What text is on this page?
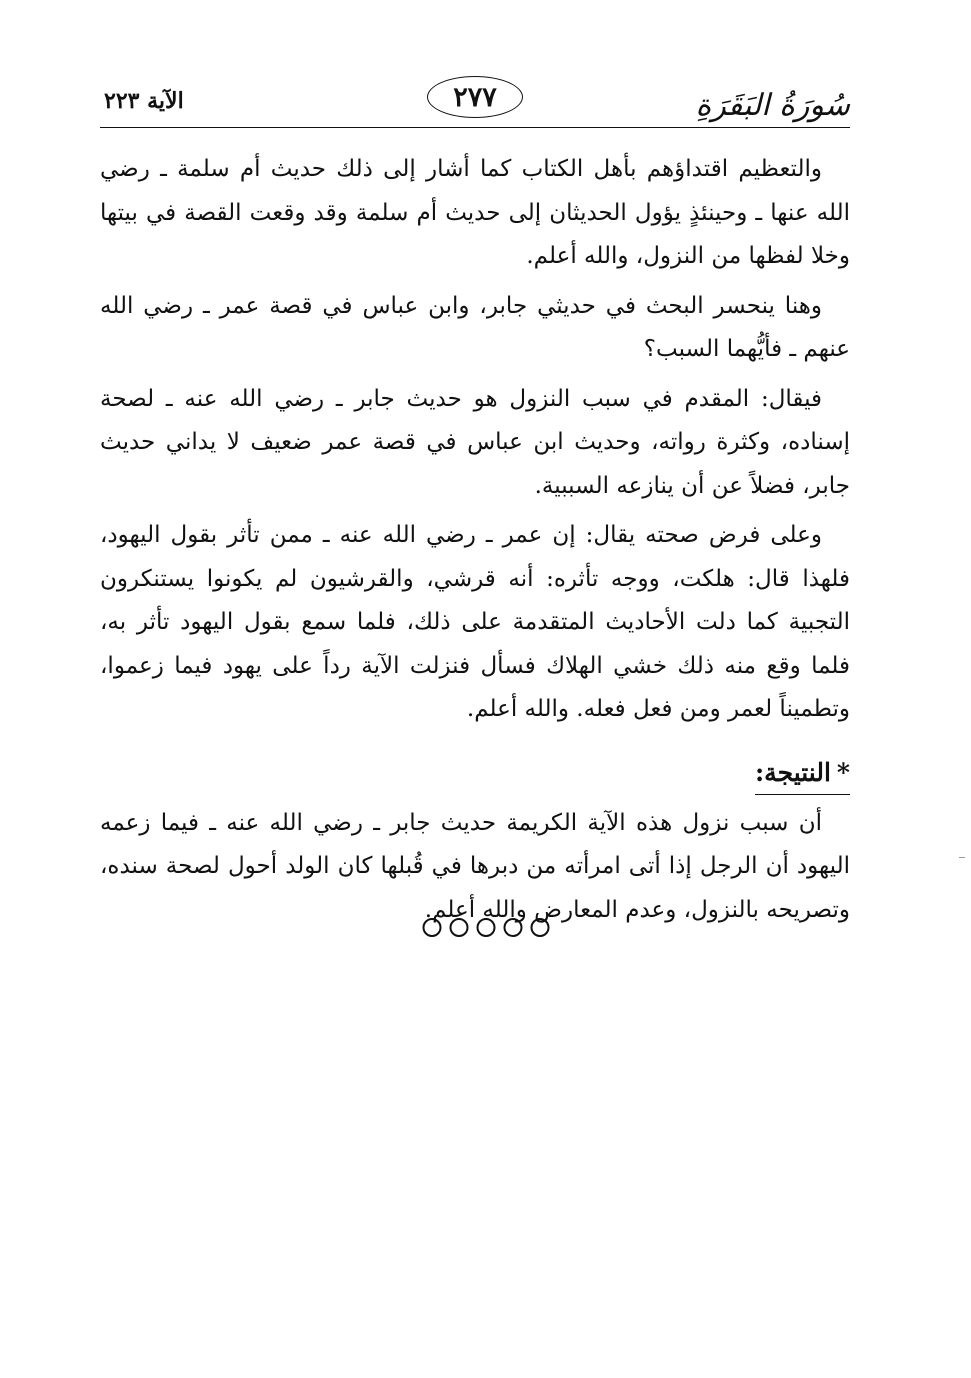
سُورَةُ البَقَرَةِ
٢٧٧
الآية ٢٢٣

والتعظيم اقتداؤهم بأهل الكتاب كما أشار إلى ذلك حديث أم سلمة ـ رضي الله عنها ـ وحينئذٍ يؤول الحديثان إلى حديث أم سلمة وقد وقعت القصة في بيتها وخلا لفظها من النزول، والله أعلم.

وهنا ينحسر البحث في حديثي جابر، وابن عباس في قصة عمر ـ رضي الله عنهم ـ فأيُّهما السبب؟

فيقال: المقدم في سبب النزول هو حديث جابر ـ رضي الله عنه ـ لصحة إسناده، وكثرة رواته، وحديث ابن عباس في قصة عمر ضعيف لا يداني حديث جابر، فضلاً عن أن ينازعه السببية.

وعلى فرض صحته يقال: إن عمر ـ رضي الله عنه ـ ممن تأثر بقول اليهود، فلهذا قال: هلكت، ووجه تأثره: أنه قرشي، والقرشيون لم يكونوا يستنكرون التجبية كما دلت الأحاديث المتقدمة على ذلك، فلما سمع بقول اليهود تأثر به، فلما وقع منه ذلك خشي الهلاك فسأل فنزلت الآية رداً على يهود فيما زعموا، وتطميناً لعمر ومن فعل فعله. والله أعلم.

*النتيجة:

أن سبب نزول هذه الآية الكريمة حديث جابر ـ رضي الله عنه ـ فيما زعمه اليهود أن الرجل إذا أتى امرأته من دبرها في قُبلها كان الولد أحول لصحة سنده، وتصريحه بالنزول، وعدم المعارض والله أعلم.
